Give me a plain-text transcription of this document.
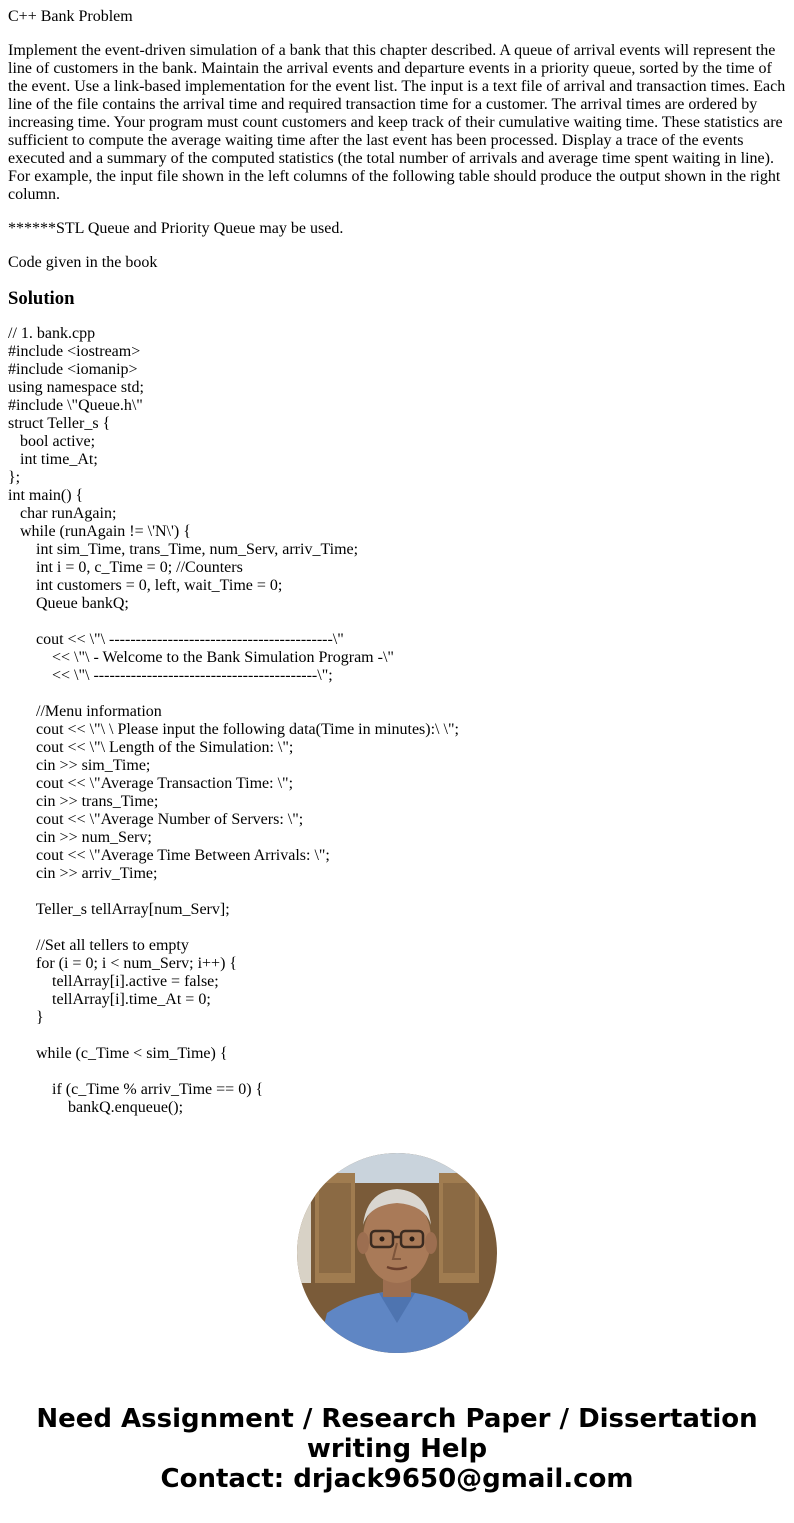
C++ Bank Problem

Implement the event-driven simulation of a bank that this chapter described. A queue of arrival events will represent the line of customers in the bank. Maintain the arrival events and departure events in a priority queue, sorted by the time of the event. Use a link-based implementation for the event list. The input is a text file of arrival and transaction times. Each line of the file contains the arrival time and required transaction time for a customer. The arrival times are ordered by increasing time. Your program must count customers and keep track of their cumulative waiting time. These statistics are sufficient to compute the average waiting time after the last event has been processed. Display a trace of the events executed and a summary of the computed statistics (the total number of arrivals and average time spent waiting in line). For example, the input file shown in the left columns of the following table should produce the output shown in the right column.

******STL Queue and Priority Queue may be used.

Code given in the book

Solution
// 1. bank.cpp
#include <iostream>
#include <iomanip>
using namespace std;
#include \"Queue.h\"
struct Teller_s {
bool active;
int time_At;
};
int main() {
char runAgain;
while (runAgain != \'N\') {
int sim_Time, trans_Time, num_Serv, arriv_Time;
int i = 0, c_Time = 0; //Counters
int customers = 0, left, wait_Time = 0;
Queue bankQ;
cout << \"\ ------------------------------------------\"
<< \"\ - Welcome to the Bank Simulation Program -\"
<< \"\ ------------------------------------------\";
//Menu information
cout << \"\ \ Please input the following data(Time in minutes):\ \";
cout << \"\ Length of the Simulation: \";
cin >> sim_Time;
cout << \"Average Transaction Time: \";
cin >> trans_Time;
cout << \"Average Number of Servers: \";
cin >> num_Serv;
cout << \"Average Time Between Arrivals: \";
cin >> arriv_Time;
Teller_s tellArray[num_Serv];
//Set all tellers to empty
for (i = 0; i < num_Serv; i++) {
tellArray[i].active = false;
tellArray[i].time_At = 0;
}
while (c_Time < sim_Time) {
if (c_Time % arriv_Time == 0) {
bankQ.enqueue();
Need Assignment / Research Paper / Dissertation
writing Help
Contact: drjack9650@gmail.com
